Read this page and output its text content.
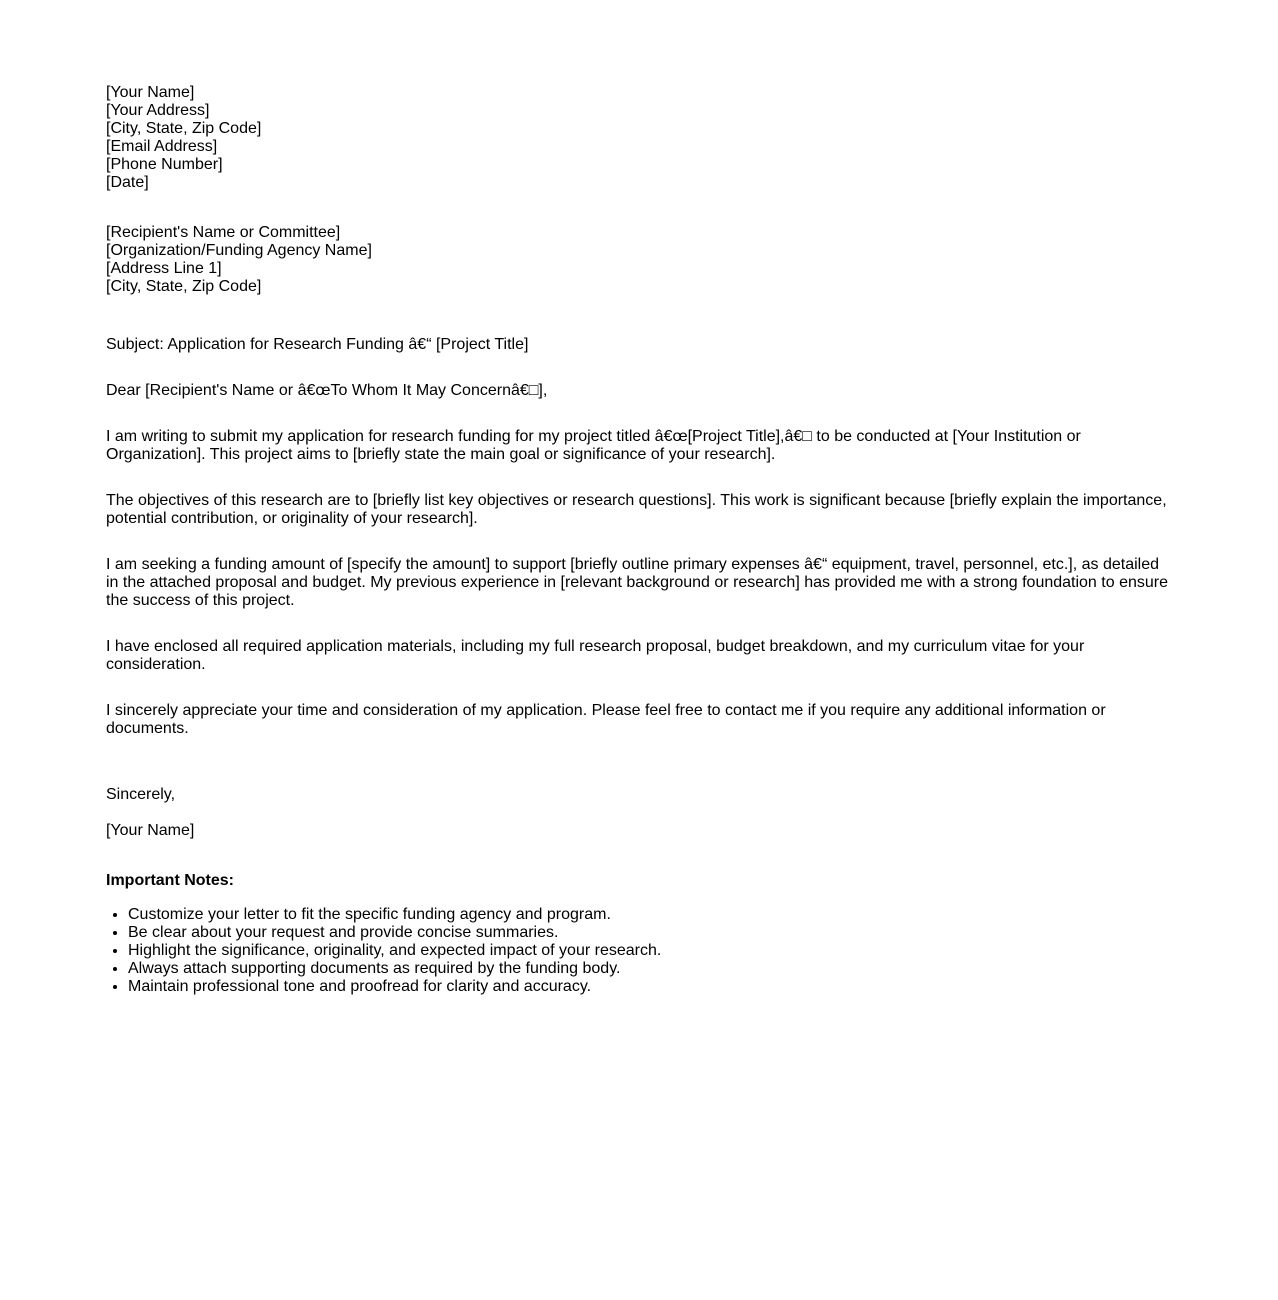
[Your Name]
[Your Address]
[City, State, Zip Code]
[Email Address]
[Phone Number]
[Date]
[Recipient's Name or Committee]
[Organization/Funding Agency Name]
[Address Line 1]
[City, State, Zip Code]

Subject: Application for Research Funding â€“ [Project Title]

Dear [Recipient's Name or â€œTo Whom It May Concernâ€□],

I am writing to submit my application for research funding for my project titled â€œ[Project Title],â€□ to be conducted at [Your Institution or Organization]. This project aims to [briefly state the main goal or significance of your research].

The objectives of this research are to [briefly list key objectives or research questions]. This work is significant because [briefly explain the importance, potential contribution, or originality of your research].

I am seeking a funding amount of [specify the amount] to support [briefly outline primary expenses â€“ equipment, travel, personnel, etc.], as detailed in the attached proposal and budget. My previous experience in [relevant background or research] has provided me with a strong foundation to ensure the success of this project.

I have enclosed all required application materials, including my full research proposal, budget breakdown, and my curriculum vitae for your consideration.

I sincerely appreciate your time and consideration of my application. Please feel free to contact me if you require any additional information or documents.

Sincerely,

[Your Name]

Important Notes:

• Customize your letter to fit the specific funding agency and program.
• Be clear about your request and provide concise summaries.
• Highlight the significance, originality, and expected impact of your research.
• Always attach supporting documents as required by the funding body.
• Maintain professional tone and proofread for clarity and accuracy.
